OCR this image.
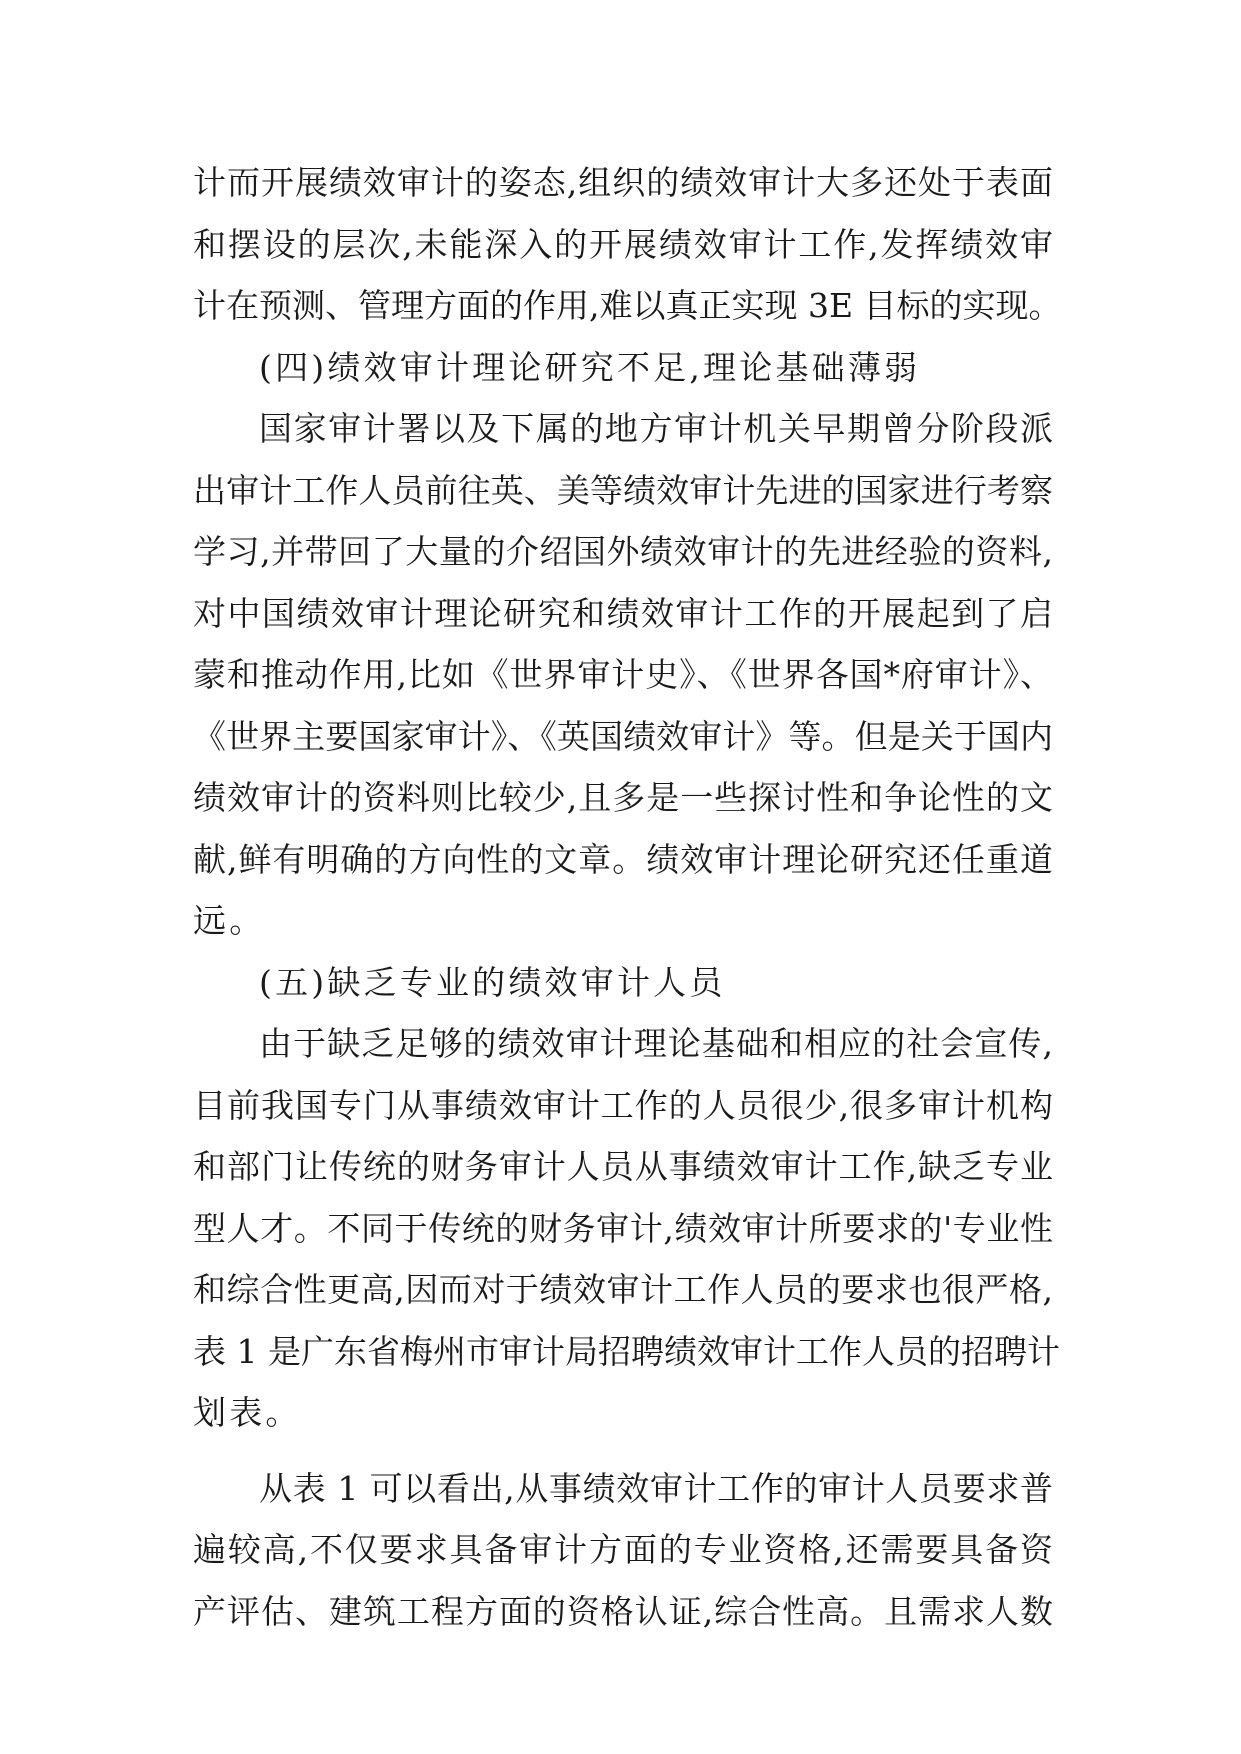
计而开展绩效审计的姿态,组织的绩效审计大多还处于表面
和摆设的层次,未能深入的开展绩效审计工作,发挥绩效审
计在预测、管理方面的作用,难以真正实现 3E 目标的实现。
(四)绩效审计理论研究不足,理论基础薄弱
国家审计署以及下属的地方审计机关早期曾分阶段派
出审计工作人员前往英、美等绩效审计先进的国家进行考察
学习,并带回了大量的介绍国外绩效审计的先进经验的资料,
对中国绩效审计理论研究和绩效审计工作的开展起到了启
蒙和推动作用,比如《世界审计史》、《世界各国*府审计》、
《世界主要国家审计》、《英国绩效审计》等。但是关于国内
绩效审计的资料则比较少,且多是一些探讨性和争论性的文
献,鲜有明确的方向性的文章。绩效审计理论研究还任重道
远。
(五)缺乏专业的绩效审计人员
由于缺乏足够的绩效审计理论基础和相应的社会宣传,
目前我国专门从事绩效审计工作的人员很少,很多审计机构
和部门让传统的财务审计人员从事绩效审计工作,缺乏专业
型人才。不同于传统的财务审计,绩效审计所要求的'专业性
和综合性更高,因而对于绩效审计工作人员的要求也很严格,
表 1 是广东省梅州市审计局招聘绩效审计工作人员的招聘计
划表。
从表 1 可以看出,从事绩效审计工作的审计人员要求普
遍较高,不仅要求具备审计方面的专业资格,还需要具备资
产评估、建筑工程方面的资格认证,综合性高。且需求人数
